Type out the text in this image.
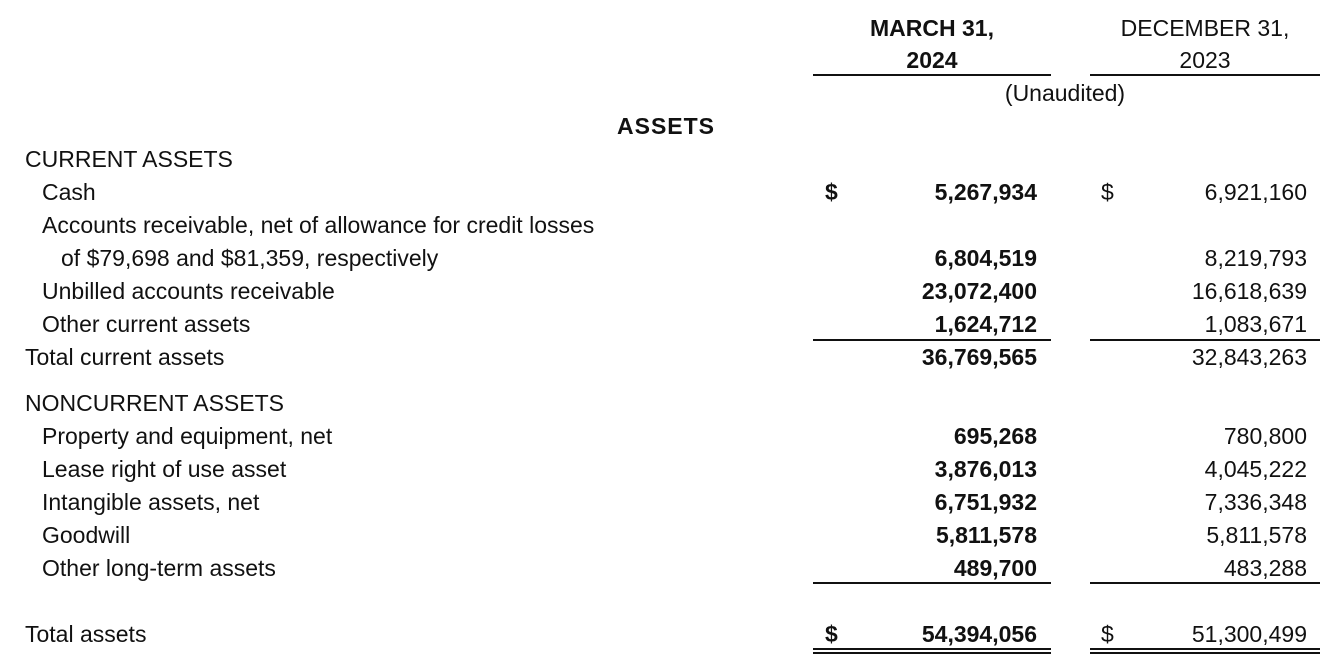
MARCH 31,
2024
DECEMBER 31,
2023
(Unaudited)
ASSETS
CURRENT ASSETS
Cash	$	5,267,934	$	6,921,160
Accounts receivable, net of allowance for credit losses
of $79,698 and $81,359, respectively	6,804,519	8,219,793
Unbilled accounts receivable	23,072,400	16,618,639
Other current assets	1,624,712	1,083,671
Total current assets	36,769,565	32,843,263
NONCURRENT ASSETS
Property and equipment, net	695,268	780,800
Lease right of use asset	3,876,013	4,045,222
Intangible assets, net	6,751,932	7,336,348
Goodwill	5,811,578	5,811,578
Other long-term assets	489,700	483,288
Total assets	$	54,394,056	$	51,300,499
